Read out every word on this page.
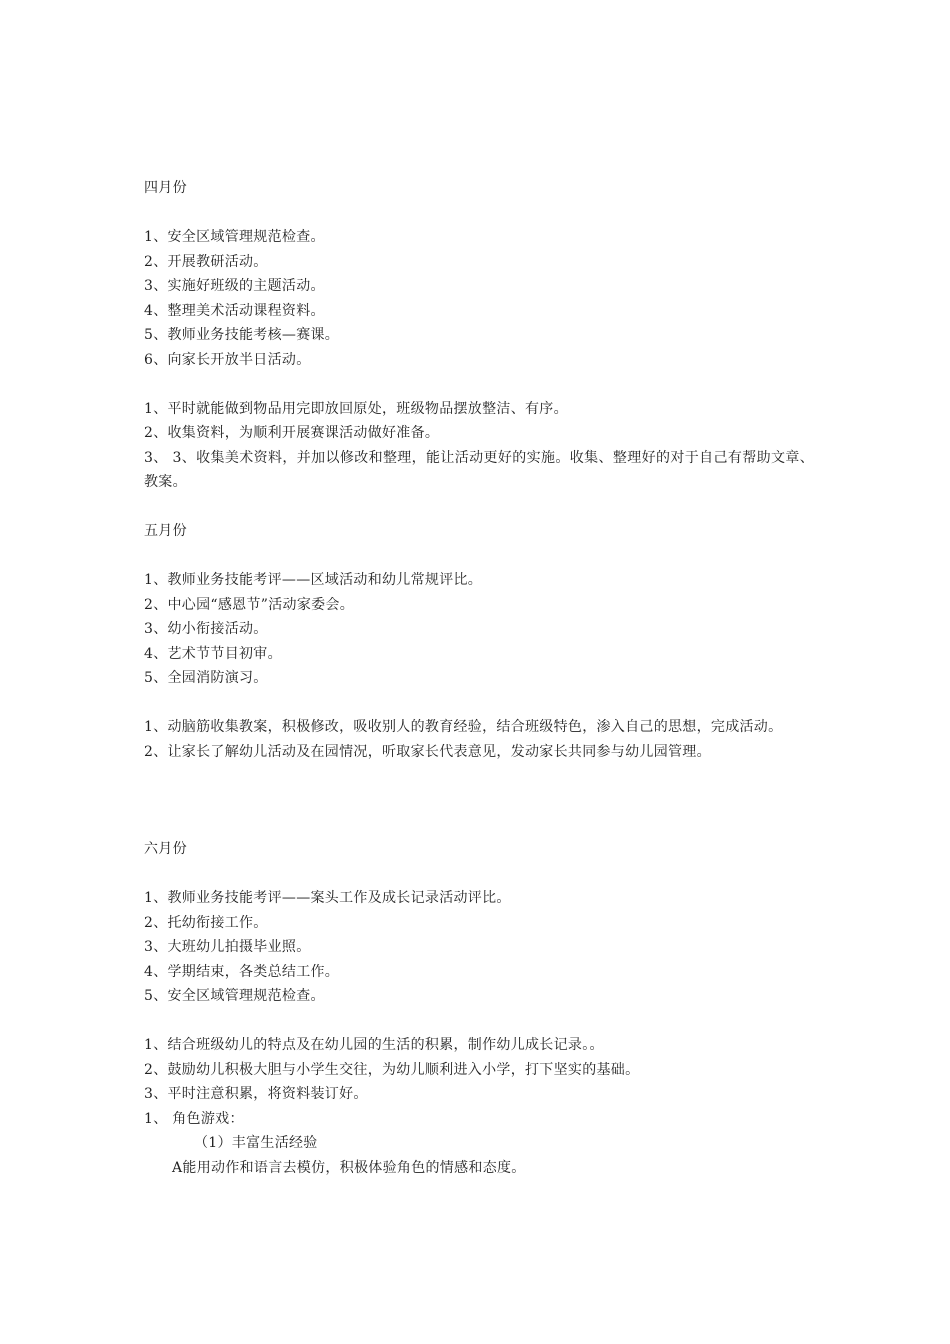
四月份

1、安全区域管理规范检查。

2、开展教研活动。

3、实施好班级的主题活动。

4、整理美术活动课程资料。

5、教师业务技能考核—赛课。

6、向家长开放半日活动。

1、平时就能做到物品用完即放回原处，班级物品摆放整洁、有序。

2、收集资料，为顺利开展赛课活动做好准备。

3、 3、收集美术资料，并加以修改和整理，能让活动更好的实施。收集、整理好的对于自己有帮助文章、教案。

五月份

1、教师业务技能考评——区域活动和幼儿常规评比。

2、中心园“感恩节”活动家委会。

3、幼小衔接活动。

4、艺术节节目初审。

5、全园消防演习。

1、动脑筋收集教案，积极修改，吸收别人的教育经验，结合班级特色，渗入自己的思想，完成活动。

2、让家长了解幼儿活动及在园情况，听取家长代表意见，发动家长共同参与幼儿园管理。

六月份

1、教师业务技能考评——案头工作及成长记录活动评比。

2、托幼衔接工作。

3、大班幼儿拍摄毕业照。

4、学期结束，各类总结工作。

5、安全区域管理规范检查。

1、结合班级幼儿的特点及在幼儿园的生活的积累，制作幼儿成长记录。。

2、鼓励幼儿积极大胆与小学生交往，为幼儿顺利进入小学，打下坚实的基础。

3、平时注意积累，将资料装订好。

1、 角色游戏：

（1）丰富生活经验

A能用动作和语言去模仿，积极体验角色的情感和态度。
